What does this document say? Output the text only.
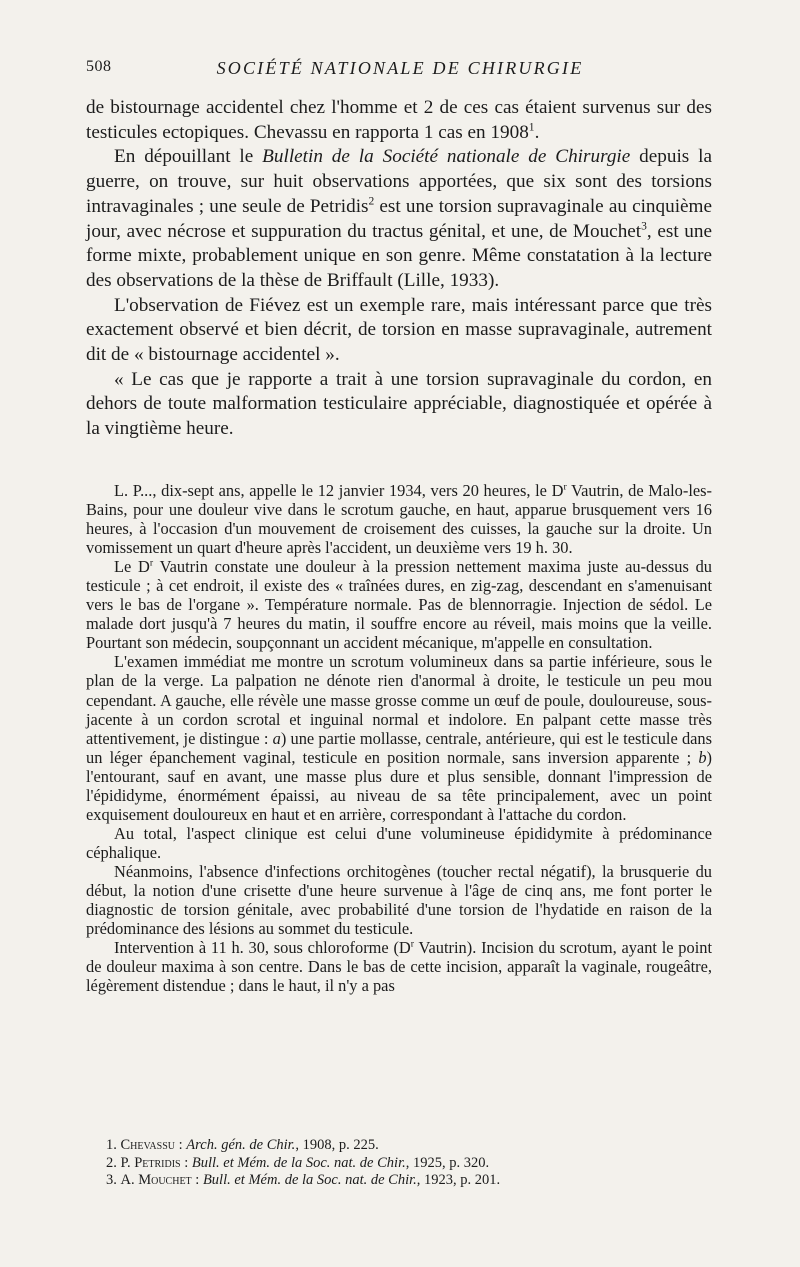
508	SOCIÉTÉ NATIONALE DE CHIRURGIE

de bistournage accidentel chez l'homme et 2 de ces cas étaient survenus sur des testicules ectopiques. Chevassu en rapporta 1 cas en 1908$^1$.

En dépouillant le Bulletin de la Société nationale de Chirurgie depuis la guerre, on trouve, sur huit observations apportées, que six sont des torsions intravaginales ; une seule de Petridis$^2$ est une torsion supravaginale au cinquième jour, avec nécrose et suppuration du tractus génital, et une, de Mouchet$^3$, est une forme mixte, probablement unique en son genre. Même constatation à la lecture des observations de la thèse de Briffault (Lille, 1933).

L'observation de Fiévez est un exemple rare, mais intéressant parce que très exactement observé et bien décrit, de torsion en masse supravaginale, autrement dit de « bistournage accidentel ».

« Le cas que je rapporte a trait à une torsion supravaginale du cordon, en dehors de toute malformation testiculaire appréciable, diagnostiquée et opérée à la vingtième heure.

L. P..., dix-sept ans, appelle le 12 janvier 1934, vers 20 heures, le $D^r$ Vautrin, de Malo-les-Bains, pour une douleur vive dans le scrotum gauche, en haut, apparue brusquement vers 16 heures, à l'occasion d'un mouvement de croisement des cuisses, la gauche sur la droite. Un vomissement un quart d'heure après l'accident, un deuxième vers 19 h. 30.

Le $D^r$ Vautrin constate une douleur à la pression nettement maxima juste au-dessus du testicule ; à cet endroit, il existe des « traînées dures, en zig-zag, descendant en s'amenuisant vers le bas de l'organe ». Température normale. Pas de blennorragie. Injection de sédol. Le malade dort jusqu'à 7 heures du matin, il souffre encore au réveil, mais moins que la veille. Pourtant son médecin, soupçonnant un accident mécanique, m'appelle en consultation.

L'examen immédiat me montre un scrotum volumineux dans sa partie inférieure, sous le plan de la verge. La palpation ne dénote rien d'anormal à droite, le testicule un peu mou cependant. A gauche, elle révèle une masse grosse comme un œuf de poule, douloureuse, sous-jacente à un cordon scrotal et inguinal normal et indolore. En palpant cette masse très attentivement, je distingue : a) une partie mollasse, centrale, antérieure, qui est le testicule dans un léger épanchement vaginal, testicule en position normale, sans inversion apparente ; b) l'entourant, sauf en avant, une masse plus dure et plus sensible, donnant l'impression de l'épididyme, énormément épaissi, au niveau de sa tête principalement, avec un point exquisement douloureux en haut et en arrière, correspondant à l'attache du cordon.

Au total, l'aspect clinique est celui d'une volumineuse épididymite à prédominance céphalique.

Néanmoins, l'absence d'infections orchitogènes (toucher rectal négatif), la brusquerie du début, la notion d'une crisette d'une heure survenue à l'âge de cinq ans, me font porter le diagnostic de torsion génitale, avec probabilité d'une torsion de l'hydatide en raison de la prédominance des lésions au sommet du testicule.

Intervention à 11 h. 30, sous chloroforme ($D^r$ Vautrin). Incision du scrotum, ayant le point de douleur maxima à son centre. Dans le bas de cette incision, apparaît la vaginale, rougeâtre, légèrement distendue ; dans le haut, il n'y a pas

1. Chevassu : Arch. gén. de Chir., 1908, p. 225.
2. P. Petridis : Bull. et Mém. de la Soc. nat. de Chir., 1925, p. 320.
3. A. Mouchet : Bull. et Mém. de la Soc. nat. de Chir., 1923, p. 201.
